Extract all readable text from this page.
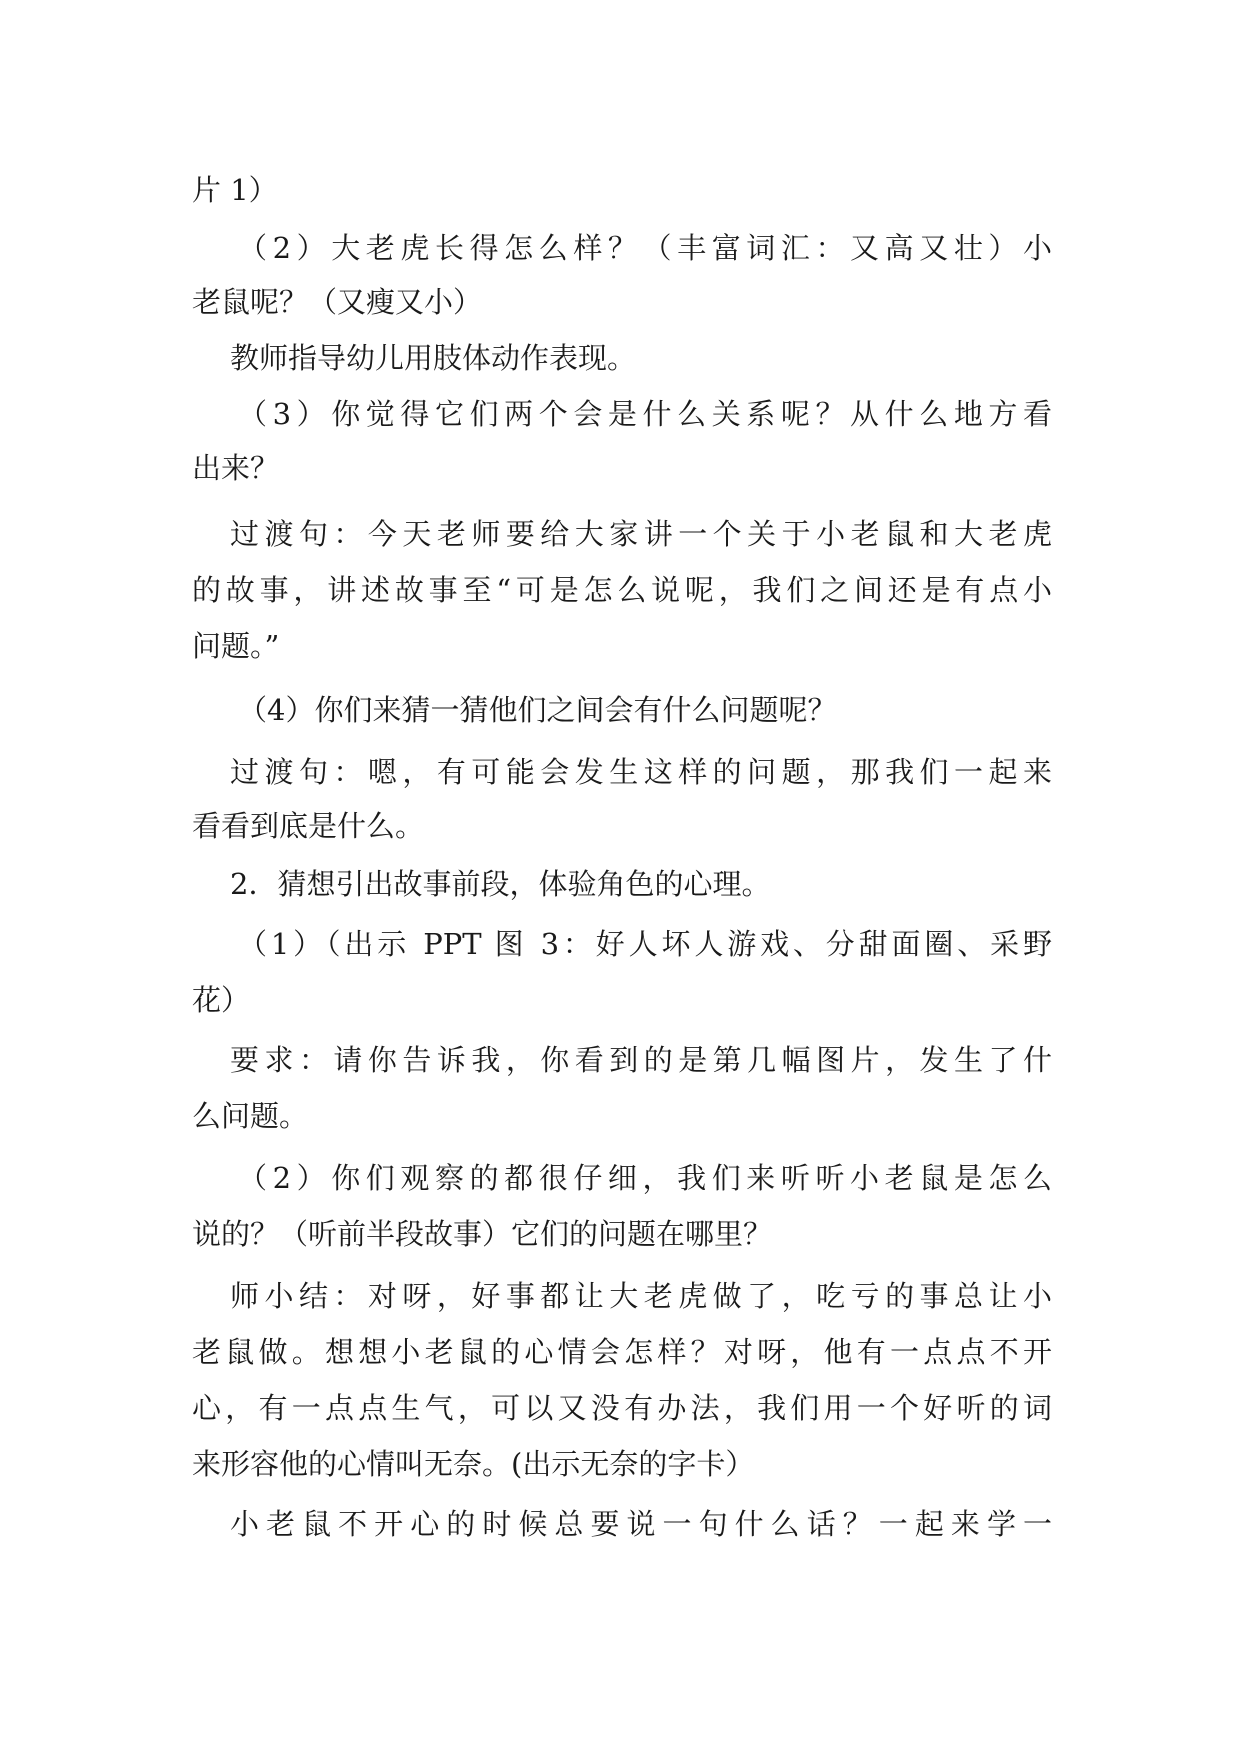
片 1）
（2）大老虎长得怎么样？（丰富词汇：又高又壮）小
老鼠呢？（又瘦又小）
教师指导幼儿用肢体动作表现。
（3）你觉得它们两个会是什么关系呢？从什么地方看
出来？
过渡句：今天老师要给大家讲一个关于小老鼠和大老虎
的故事，讲述故事至“可是怎么说呢，我们之间还是有点小
问题。”
（4）你们来猜一猜他们之间会有什么问题呢？
过渡句：嗯，有可能会发生这样的问题，那我们一起来
看看到底是什么。
2．猜想引出故事前段，体验角色的心理。
（1）（出示 PPT 图 3：好人坏人游戏、分甜面圈、采野
花）
要求：请你告诉我，你看到的是第几幅图片，发生了什
么问题。
（2）你们观察的都很仔细，我们来听听小老鼠是怎么
说的？（听前半段故事）它们的问题在哪里？
师小结：对呀，好事都让大老虎做了，吃亏的事总让小
老鼠做。想想小老鼠的心情会怎样？对呀，他有一点点不开
心，有一点点生气，可以又没有办法，我们用一个好听的词
来形容他的心情叫无奈。(出示无奈的字卡）
小老鼠不开心的时候总要说一句什么话？一起来学一
